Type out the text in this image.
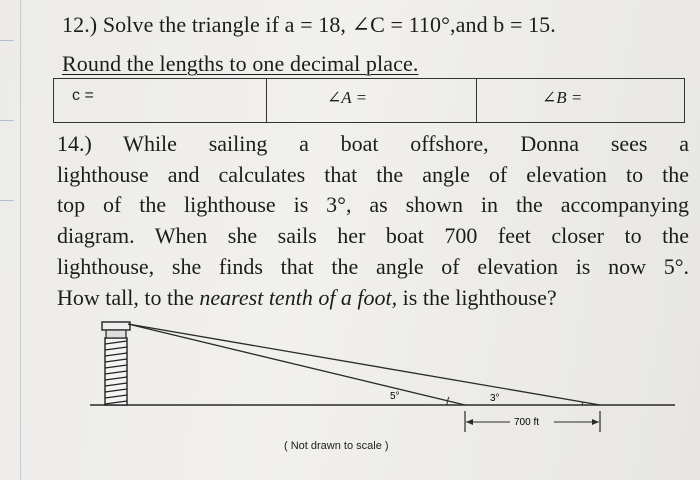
12.) Solve the triangle if a = 18, ∠C = 110°,and b = 15.
Round the lengths to one decimal place.
c =	∠A =	∠B =
14.) While sailing a boat offshore, Donna sees a
lighthouse and calculates that the angle of elevation to the
top of the lighthouse is 3°, as shown in the accompanying
diagram. When she sails her boat 700 feet closer to the
lighthouse, she finds that the angle of elevation is now 5°.
How tall, to the nearest tenth of a foot, is the lighthouse?
5°	3°
700 ft
( Not drawn to scale )
